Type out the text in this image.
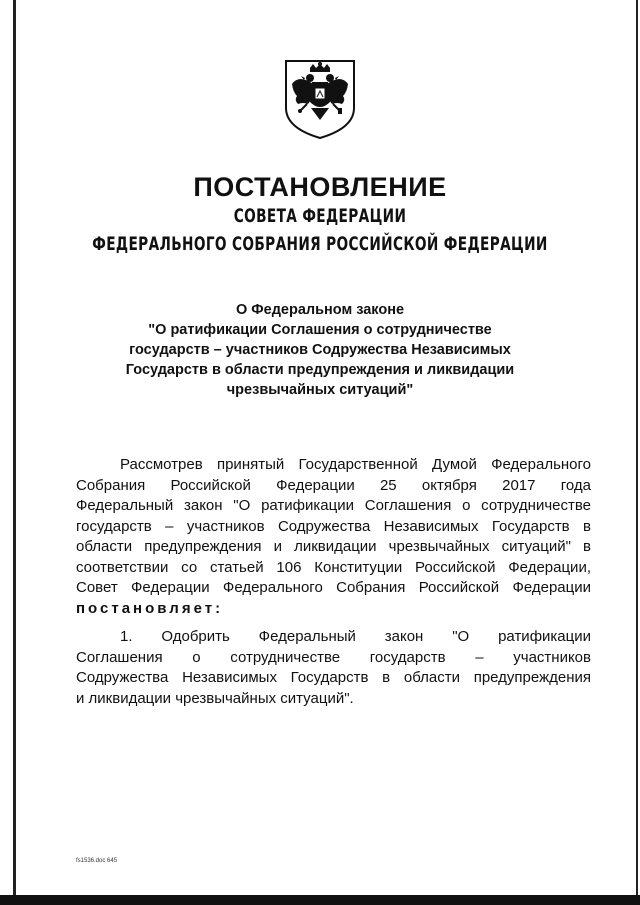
ПОСТАНОВЛЕНИЕ
СОВЕТА ФЕДЕРАЦИИ
ФЕДЕРАЛЬНОГО СОБРАНИЯ РОССИЙСКОЙ ФЕДЕРАЦИИ
О Федеральном законе
"О ратификации Соглашения о сотрудничестве
государств – участников Содружества Независимых
Государств в области предупреждения и ликвидации
чрезвычайных ситуаций"
Рассмотрев принятый Государственной Думой Федерального
Собрания Российской Федерации 25 октября 2017 года
Федеральный закон "О ратификации Соглашения о сотрудничестве
государств – участников Содружества Независимых Государств в
области предупреждения и ликвидации чрезвычайных ситуаций" в
соответствии со статьей 106 Конституции Российской Федерации,
Совет Федерации Федерального Собрания Российской Федерации
постановляет:
1. Одобрить Федеральный закон "О ратификации
Соглашения о сотрудничестве государств – участников
Содружества Независимых Государств в области предупреждения
и ликвидации чрезвычайных ситуаций".
fs1536.doc 645
